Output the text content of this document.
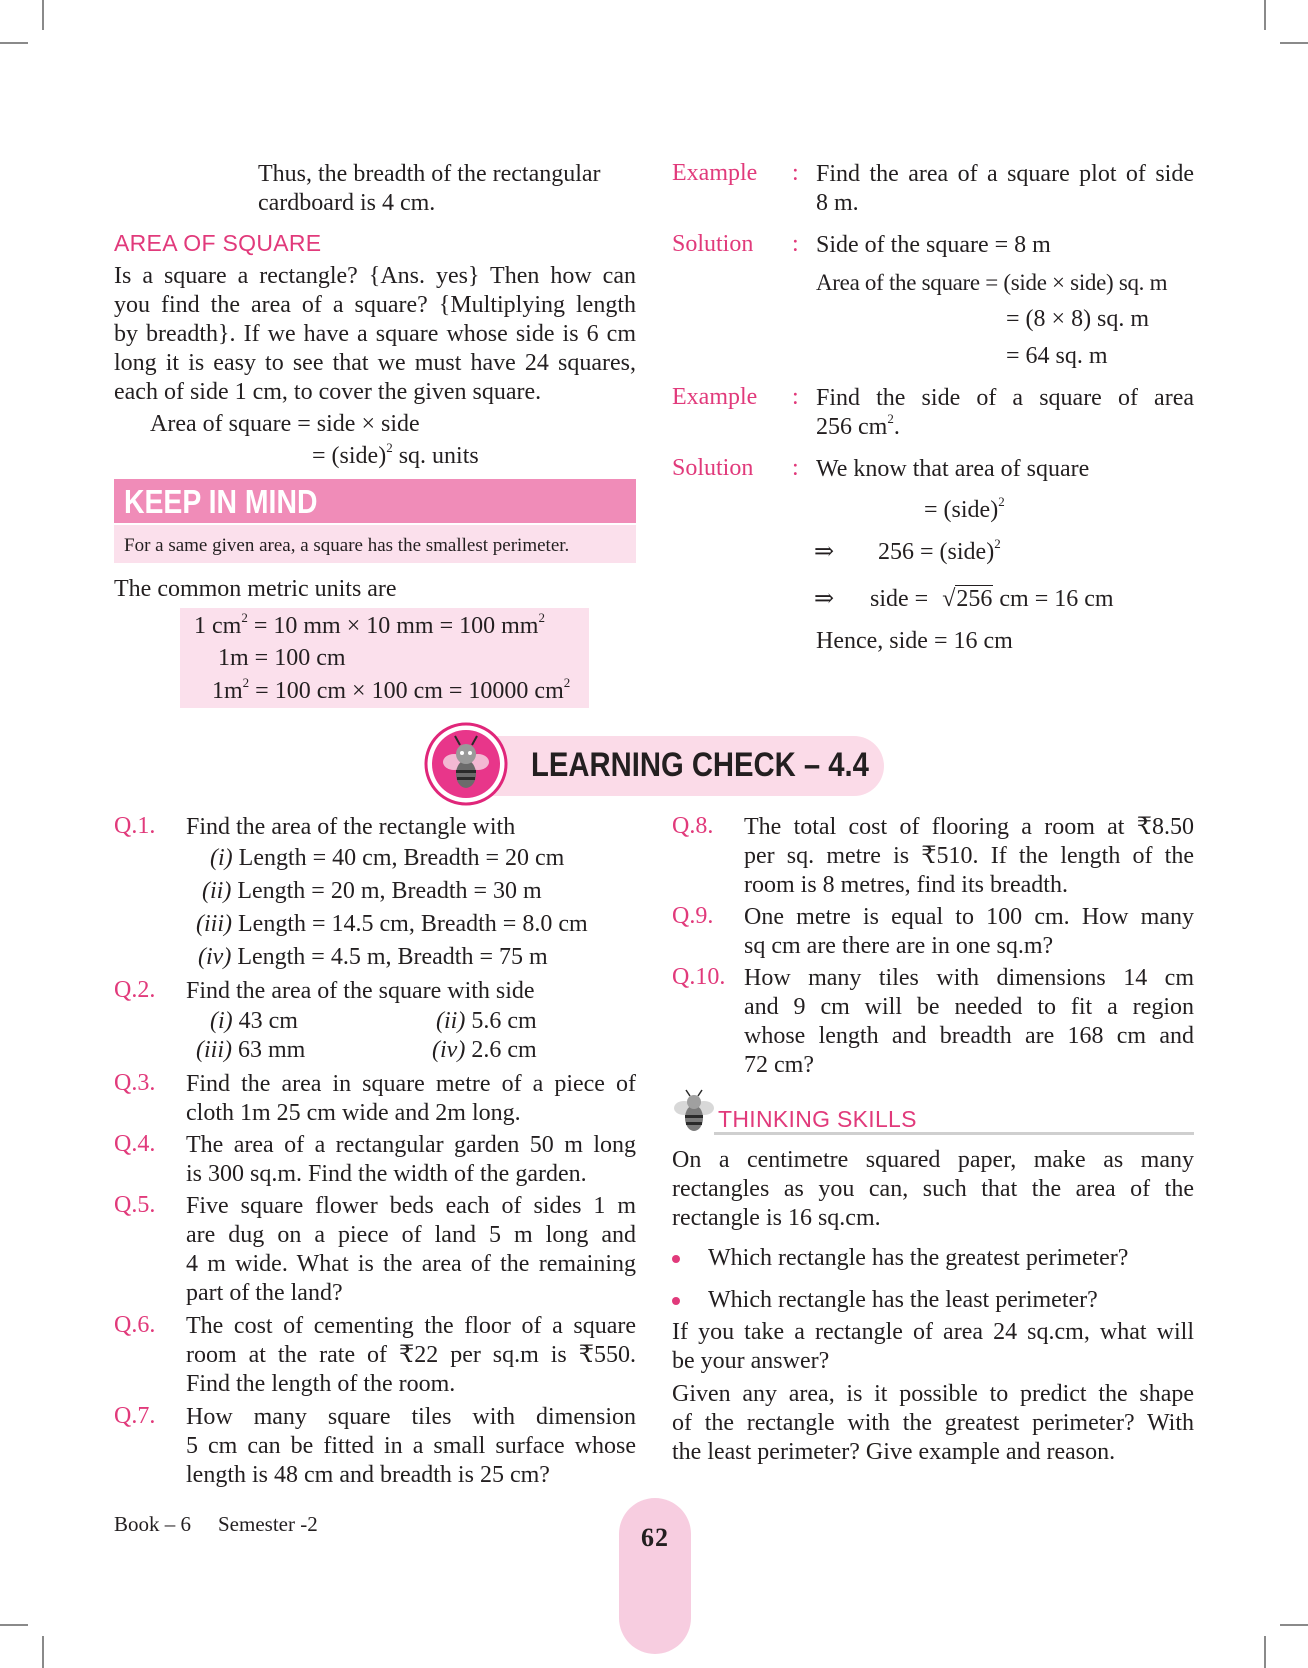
Thus, the breadth of the rectangular
cardboard is 4 cm.
AREA OF SQUARE
Is a square a rectangle? {Ans. yes} Then how can
you find the area of a square? {Multiplying length
by breadth}. If we have a square whose side is 6 cm
long it is easy to see that we must have 24 squares,
each of side 1 cm, to cover the given square.
Area of square = side × side
= (side)$^2$ sq. units
KEEP IN MIND
For a same given area, a square has the smallest perimeter.
The common metric units are
1 $cm^2 = 10$ mm × 10 mm = 100 $mm^2$
1m = 100 cm
$1m^2 = 100$ cm × 100 cm = 10000 $cm^2$
Example : Find the area of a square plot of side
8 m.
Solution : Side of the square = 8 m
Area of the square = (side × side) sq. m
= (8 × 8) sq. m
= 64 sq. m
Example : Find the side of a square of area
256 $cm^2$.
Solution : We know that area of square
= (side)$^2$
⇒ 256 = (side)$^2$
⇒ side = √256 cm = 16 cm
Hence, side = 16 cm
LEARNING CHECK – 4.4
Q.1. Find the area of the rectangle with
(i) Length = 40 cm, Breadth = 20 cm
(ii) Length = 20 m, Breadth = 30 m
(iii) Length = 14.5 cm, Breadth = 8.0 cm
(iv) Length = 4.5 m, Breadth = 75 m
Q.2. Find the area of the square with side
(i) 43 cm	(ii) 5.6 cm
(iii) 63 mm	(iv) 2.6 cm
Q.3. Find the area in square metre of a piece of
cloth 1m 25 cm wide and 2m long.
Q.4. The area of a rectangular garden 50 m long
is 300 sq.m. Find the width of the garden.
Q.5. Five square flower beds each of sides 1 m
are dug on a piece of land 5 m long and
4 m wide. What is the area of the remaining
part of the land?
Q.6. The cost of cementing the floor of a square
room at the rate of ₹22 per sq.m is ₹550.
Find the length of the room.
Q.7. How many square tiles with dimension
5 cm can be fitted in a small surface whose
length is 48 cm and breadth is 25 cm?
Q.8. The total cost of flooring a room at ₹8.50
per sq. metre is ₹510. If the length of the
room is 8 metres, find its breadth.
Q.9. One metre is equal to 100 cm. How many
sq cm are there are in one sq.m?
Q.10. How many tiles with dimensions 14 cm
and 9 cm will be needed to fit a region
whose length and breadth are 168 cm and
72 cm?
THINKING SKILLS
On a centimetre squared paper, make as many
rectangles as you can, such that the area of the
rectangle is 16 sq.cm.
Which rectangle has the greatest perimeter?
Which rectangle has the least perimeter?
If you take a rectangle of area 24 sq.cm, what will
be your answer?
Given any area, is it possible to predict the shape
of the rectangle with the greatest perimeter? With
the least perimeter? Give example and reason.
Book – 6 Semester -2	62
